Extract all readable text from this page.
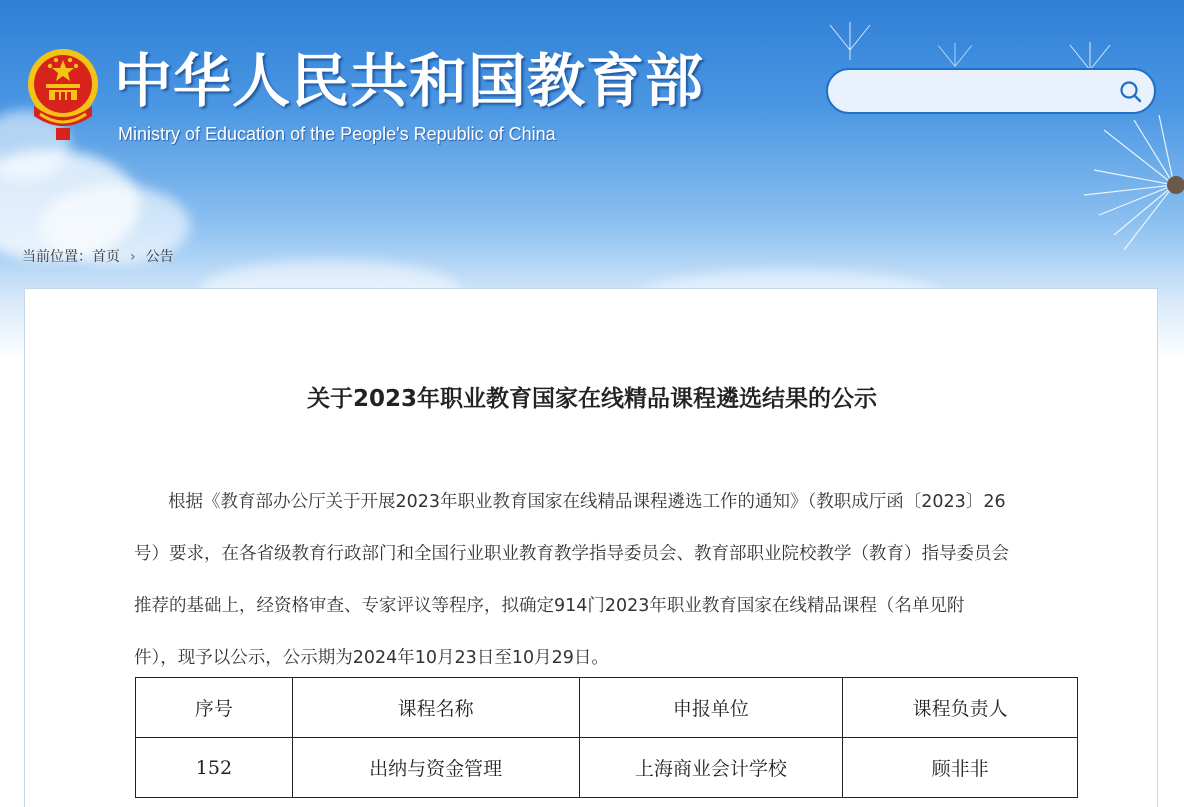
中华人民共和国教育部
Ministry of Education of the People's Republic of China
当前位置：首页 › 公告
关于2023年职业教育国家在线精品课程遴选结果的公示
根据《教育部办公厅关于开展2023年职业教育国家在线精品课程遴选工作的通知》（教职成厅函〔2023〕26
号）要求，在各省级教育行政部门和全国行业职业教育教学指导委员会、教育部职业院校教学（教育）指导委员会
推荐的基础上，经资格审查、专家评议等程序，拟确定914门2023年职业教育国家在线精品课程（名单见附
件），现予以公示，公示期为2024年10月23日至10月29日。
序号	课程名称	申报单位	课程负责人
152	出纳与资金管理	上海商业会计学校	顾非非
